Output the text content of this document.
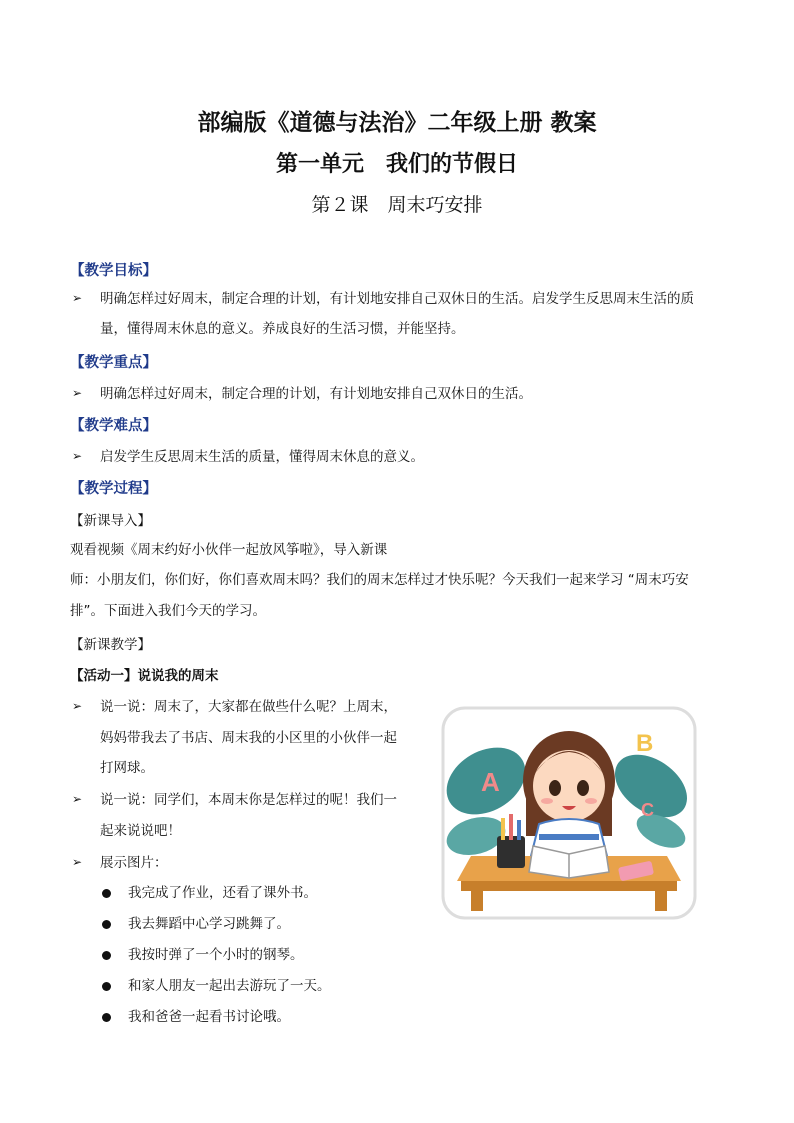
部编版《道德与法治》二年级上册 教案
第一单元　我们的节假日
第２课　周末巧安排
【教学目标】
➢ 明确怎样过好周末，制定合理的计划，有计划地安排自己双休日的生活。启发学生反思周末生活的质
量，懂得周末休息的意义。养成良好的生活习惯，并能坚持。
【教学重点】
➢ 明确怎样过好周末，制定合理的计划，有计划地安排自己双休日的生活。
【教学难点】
➢ 启发学生反思周末生活的质量，懂得周末休息的意义。
【教学过程】
【新课导入】
观看视频《周末约好小伙伴一起放风筝啦》，导入新课
师：小朋友们，你们好，你们喜欢周末吗？我们的周末怎样过才快乐呢？今天我们一起来学习 “周末巧安
排”。下面进入我们今天的学习。
【新课教学】
【活动一】说说我的周末
➢ 说一说：周末了，大家都在做些什么呢？上周末，
妈妈带我去了书店、周末我的小区里的小伙伴一起
打网球。
➢ 说一说：同学们，本周末你是怎样过的呢！我们一
起来说说吧！
➢ 展示图片：
我完成了作业，还看了课外书。
我去舞蹈中心学习跳舞了。
我按时弹了一个小时的钢琴。
和家人朋友一起出去游玩了一天。
我和爸爸一起看书讨论哦。
A
B
C
